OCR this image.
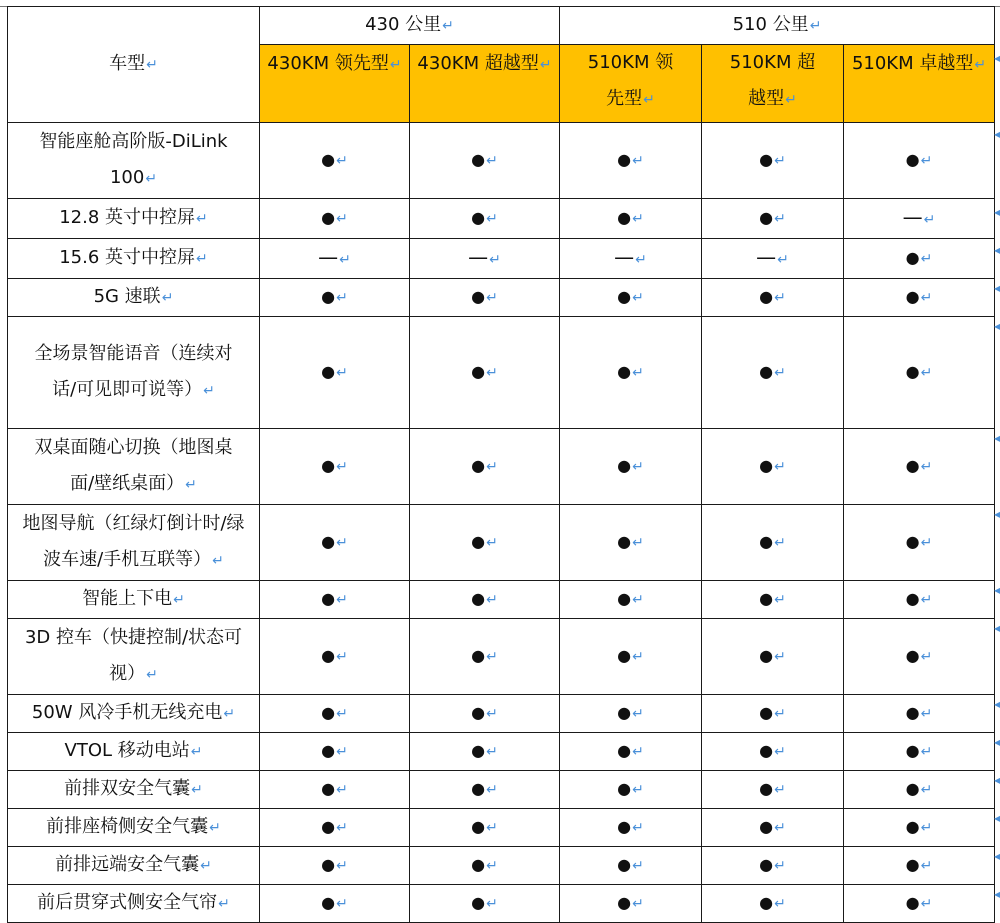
车型↵	430 公里↵		510 公里↵		
	430KM 领先型↵	430KM 超越型↵	510KM 领先型↵	510KM 超越型↵	510KM 卓越型↵

智能座舱高阶版-DiLink 100↵	●↵	●↵	●↵	●↵	●↵

12.8 英寸中控屏↵	●↵	●↵	●↵	●↵	—↵

15.6 英寸中控屏↵	—↵	—↵	—↵	—↵	●↵

5G 速联↵	●↵	●↵	●↵	●↵	●↵

全场景智能语音（连续对话/可见即可说等）↵	●↵	●↵	●↵	●↵	●↵

双桌面随心切换（地图桌面/壁纸桌面）↵	●↵	●↵	●↵	●↵	●↵

地图导航（红绿灯倒计时/绿波车速/手机互联等）↵	●↵	●↵	●↵	●↵	●↵

智能上下电↵	●↵	●↵	●↵	●↵	●↵

3D 控车（快捷控制/状态可视）↵	●↵	●↵	●↵	●↵	●↵

50W 风冷手机无线充电↵	●↵	●↵	●↵	●↵	●↵

VTOL 移动电站↵	●↵	●↵	●↵	●↵	●↵

前排双安全气囊↵	●↵	●↵	●↵	●↵	●↵

前排座椅侧安全气囊↵	●↵	●↵	●↵	●↵	●↵

前排远端安全气囊↵	●↵	●↵	●↵	●↵	●↵

前后贯穿式侧安全气帘↵	●↵	●↵	●↵	●↵	●↵
◂
◂
◂
◂
◂
◂
◂
◂
◂
◂
◂
◂
◂
◂
◂
◂
